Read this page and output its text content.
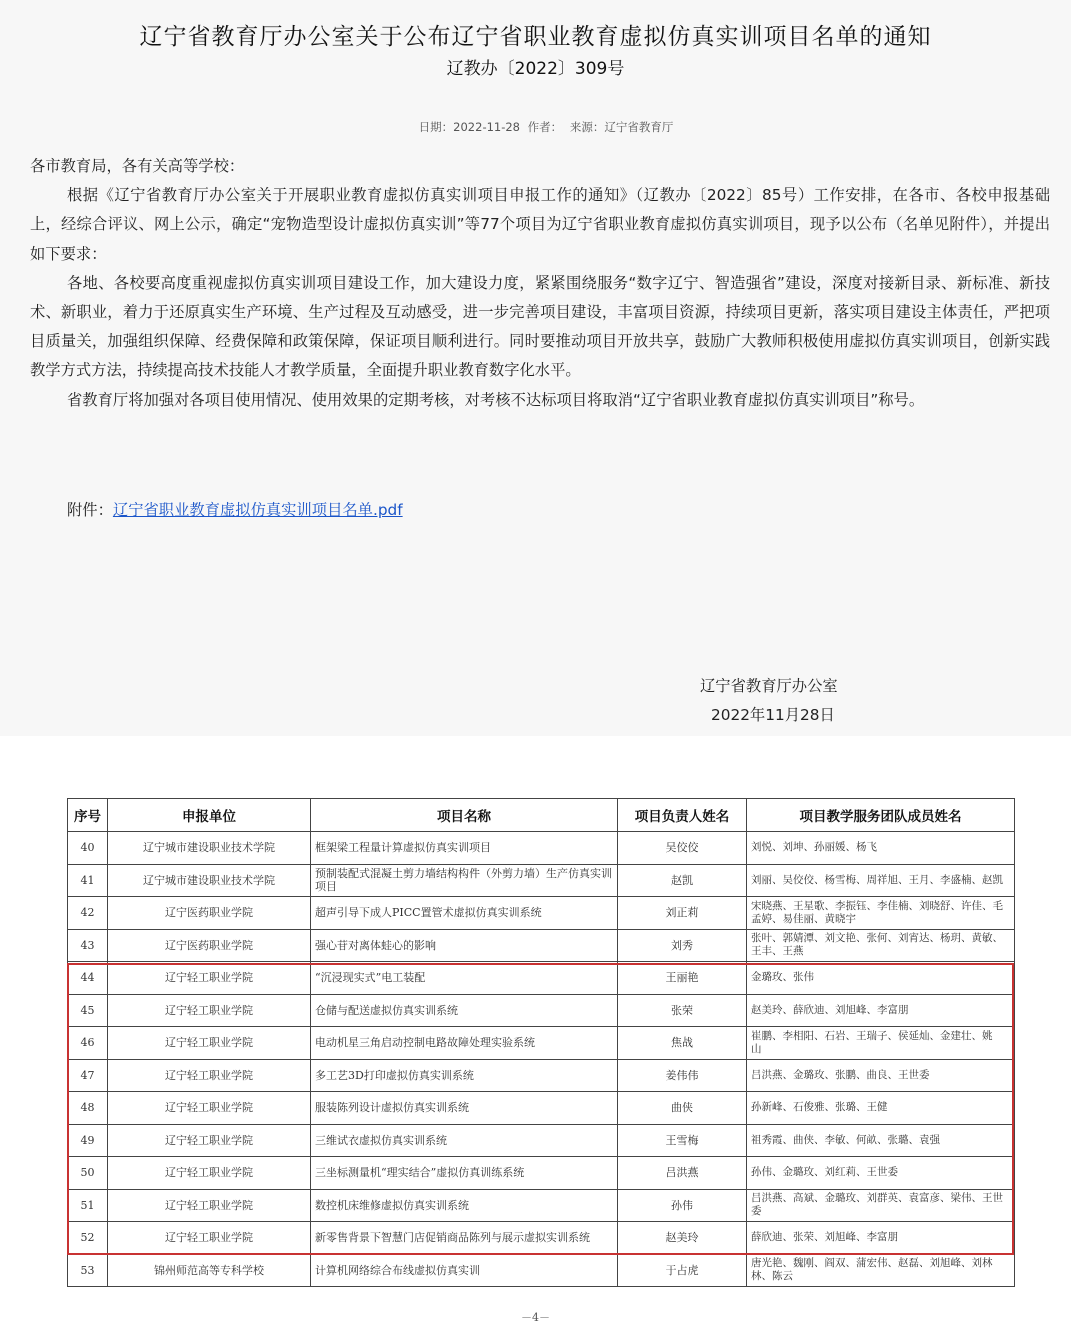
辽宁省教育厅办公室关于公布辽宁省职业教育虚拟仿真实训项目名单的通知
辽教办〔2022〕309号
日期：2022-11-28 作者： 来源：辽宁省教育厅

各市教育局，各有关高等学校：

根据《辽宁省教育厅办公室关于开展职业教育虚拟仿真实训项目申报工作的通知》（辽教办〔2022〕85号）工作安排，在各市、各校申报基础上，经综合评议、网上公示，确定“宠物造型设计虚拟仿真实训”等77个项目为辽宁省职业教育虚拟仿真实训项目，现予以公布（名单见附件），并提出如下要求：

各地、各校要高度重视虚拟仿真实训项目建设工作，加大建设力度，紧紧围绕服务“数字辽宁、智造强省”建设，深度对接新目录、新标准、新技术、新职业，着力于还原真实生产环境、生产过程及互动感受，进一步完善项目建设，丰富项目资源，持续项目更新，落实项目建设主体责任，严把项目质量关，加强组织保障、经费保障和政策保障，保证项目顺利进行。同时要推动项目开放共享，鼓励广大教师积极使用虚拟仿真实训项目，创新实践教学方式方法，持续提高技术技能人才教学质量，全面提升职业教育数字化水平。

省教育厅将加强对各项目使用情况、使用效果的定期考核，对考核不达标项目将取消“辽宁省职业教育虚拟仿真实训项目”称号。

附件：辽宁省职业教育虚拟仿真实训项目名单.pdf
辽宁省教育厅办公室
2022年11月28日
序号	申报单位	项目名称	项目负责人姓名	项目教学服务团队成员姓名
40	辽宁城市建设职业技术学院	框架梁工程量计算虚拟仿真实训项目	吴佼佼	刘悦、刘坤、孙丽媛、杨飞
41	辽宁城市建设职业技术学院	预制装配式混凝土剪力墙结构构件（外剪力墙）生产仿真实训项目	赵凯	刘丽、吴佼佼、杨雪梅、周祥旭、王月、李盛楠、赵凯
42	辽宁医药职业学院	超声引导下成人PICC置管术虚拟仿真实训系统	刘正莉	宋晓燕、王星歌、李振钰、李佳楠、刘晓舒、许佳、毛孟婷、易佳丽、黄晓宇
43	辽宁医药职业学院	强心苷对离体蛙心的影响	刘秀	张叶、郭婧潭、刘文艳、张何、刘宵达、杨玥、黄敏、王丰、王燕
44	辽宁轻工职业学院	“沉浸现实式”电工装配	王丽艳	金璐玫、张伟
45	辽宁轻工职业学院	仓储与配送虚拟仿真实训系统	张荣	赵美玲、薛欣迪、刘旭峰、李富朋
46	辽宁轻工职业学院	电动机星三角启动控制电路故障处理实验系统	焦战	崔鹏、李相阳、石岩、王瑞子、侯延灿、金建壮、姚　山
47	辽宁轻工职业学院	多工艺3D打印虚拟仿真实训系统	姜伟伟	吕洪燕、金璐玫、张鹏、曲良、王世委
48	辽宁轻工职业学院	服装陈列设计虚拟仿真实训系统	曲侠	孙新峰、石俊雅、张璐、王健
49	辽宁轻工职业学院	三维试衣虚拟仿真实训系统	王雪梅	祖秀霞、曲侠、李敏、何畝、张璐、袁强
50	辽宁轻工职业学院	三坐标测量机“理实结合”虚拟仿真训练系统	吕洪燕	孙伟、金璐玫、刘红莉、王世委
51	辽宁轻工职业学院	数控机床维修虚拟仿真实训系统	孙伟	吕洪燕、高斌、金璐玫、刘群英、袁富彦、梁伟、王世委
52	辽宁轻工职业学院	新零售背景下智慧门店促销商品陈列与展示虚拟实训系统	赵美玲	薛欣迪、张荣、刘旭峰、李富朋
53	锦州师范高等专科学校	计算机网络综合布线虚拟仿真实训	于占虎	唐光艳、魏刚、阎双、蒲宏伟、赵磊、刘旭峰、刘林林、陈云
－4－
